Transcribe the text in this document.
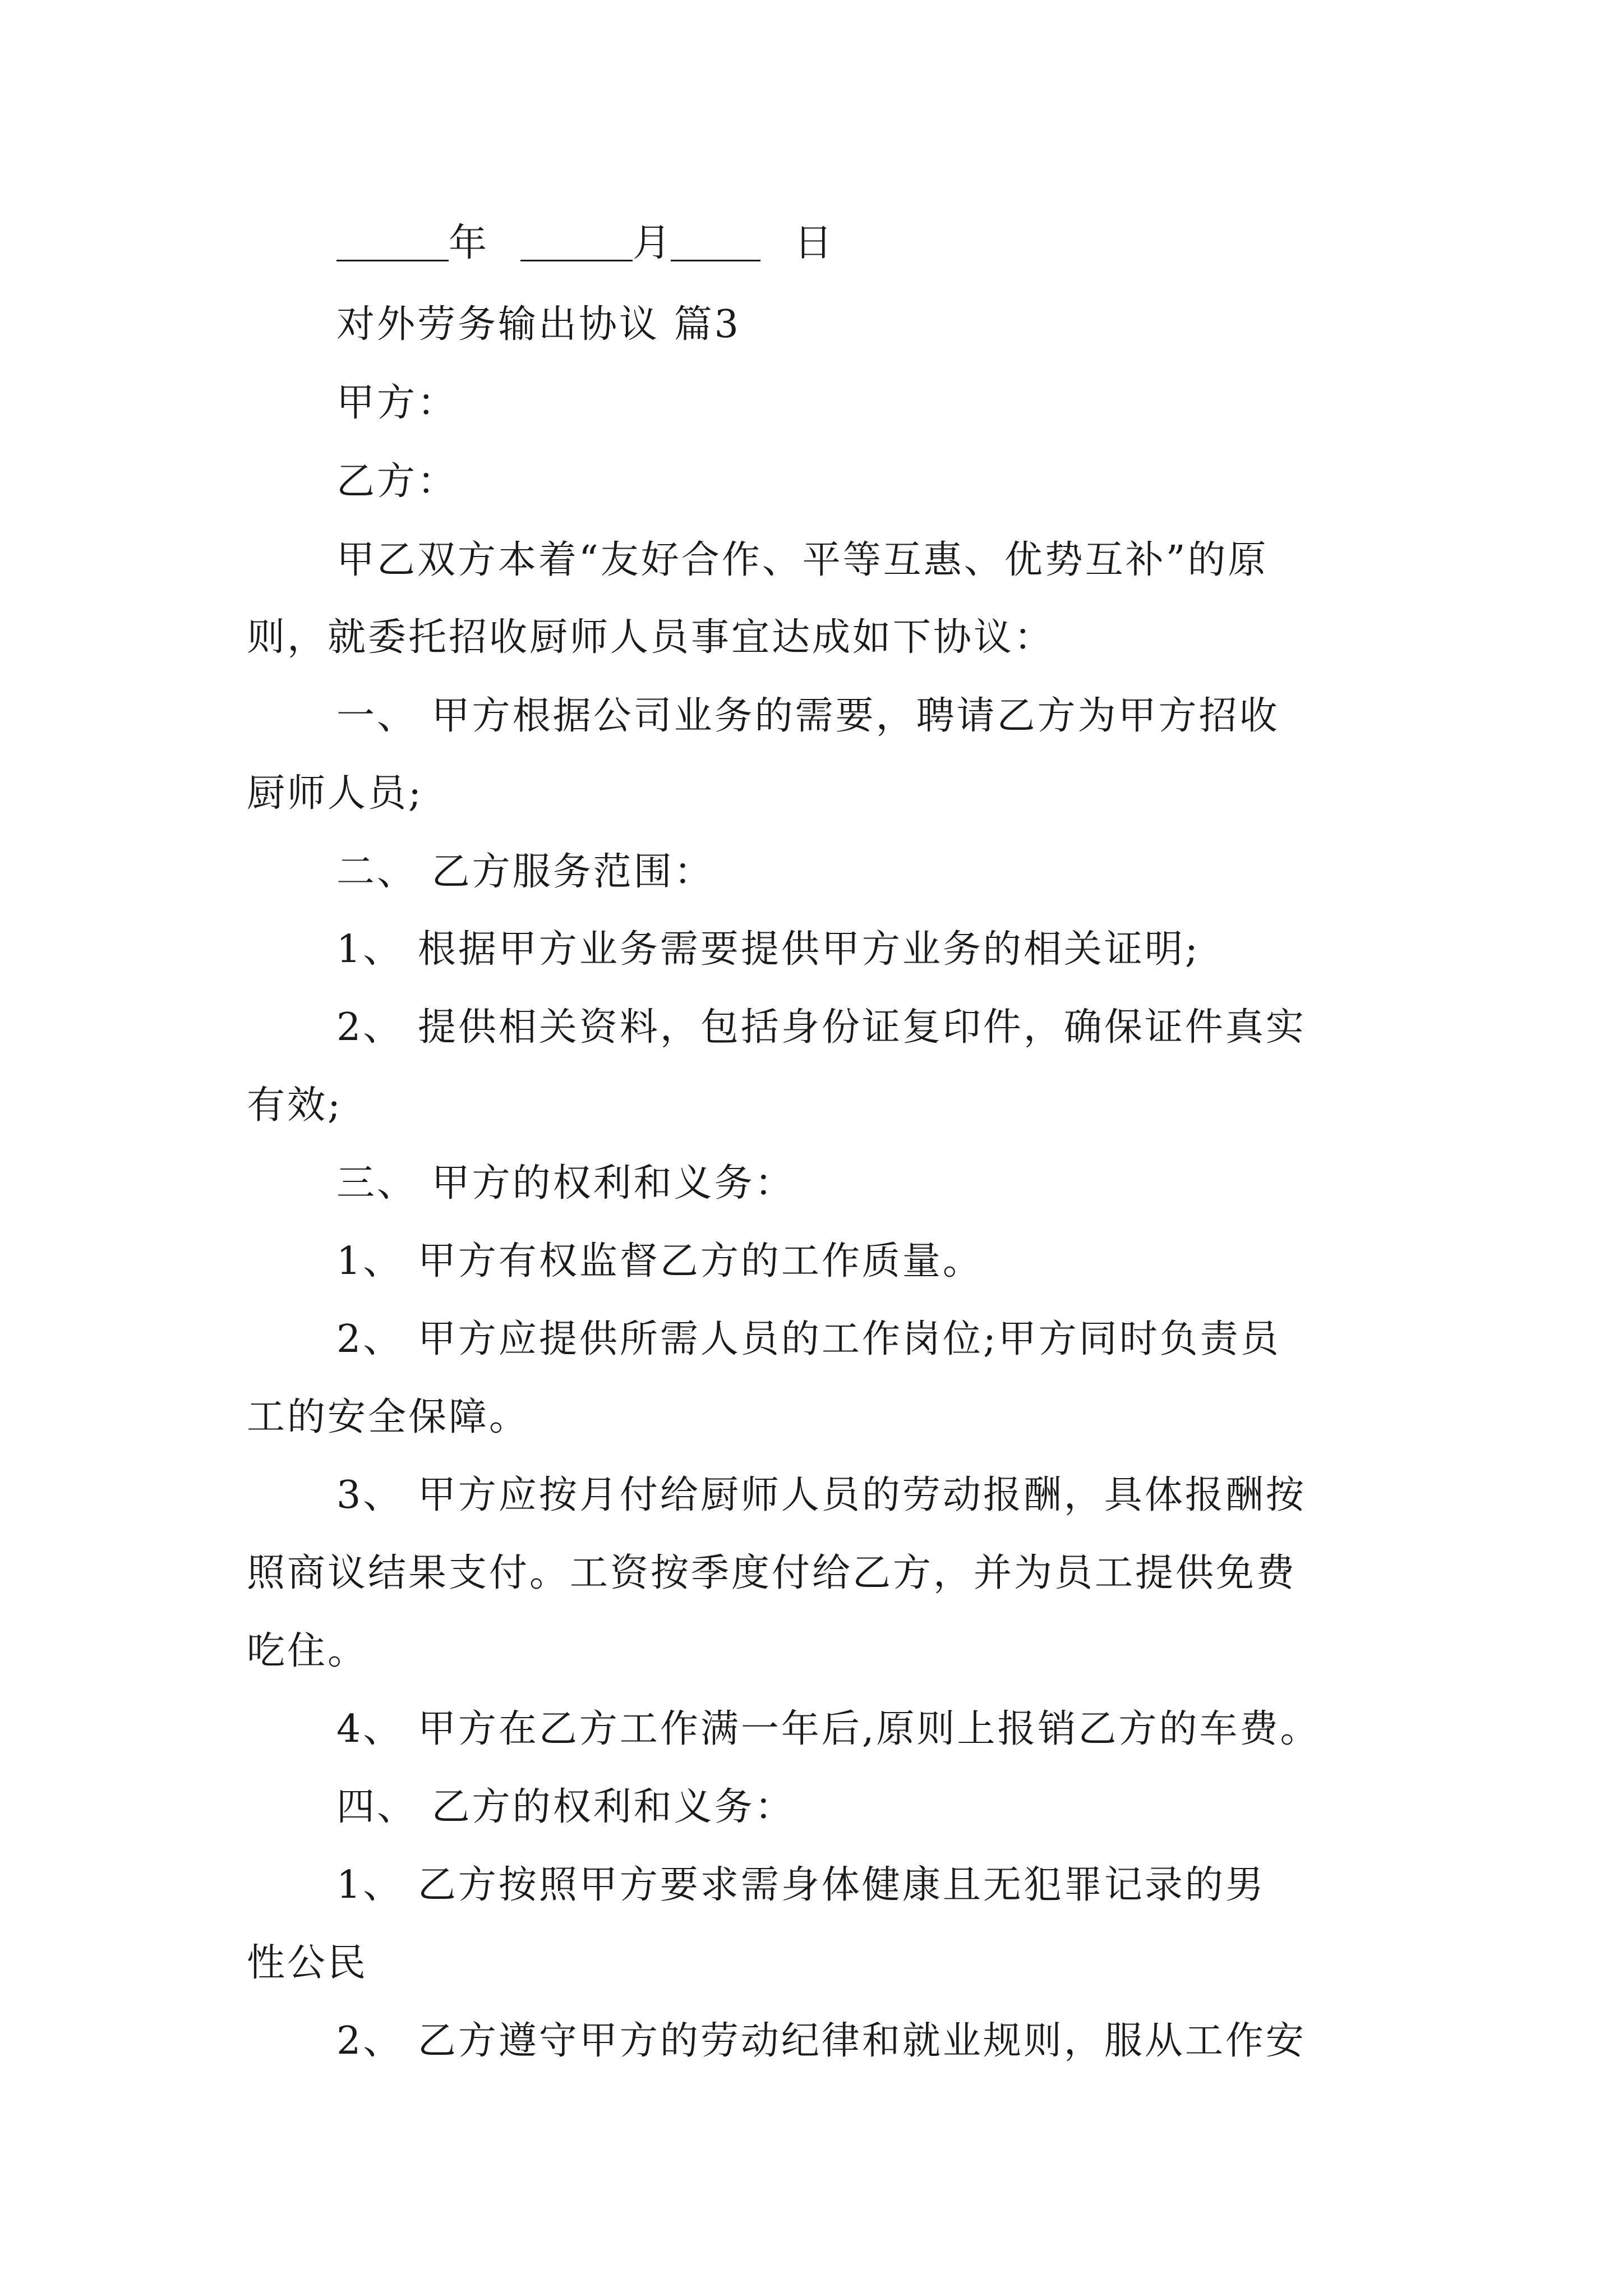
年	月	日
对外劳务输出协议 篇3
甲方：
乙方：
甲乙双方本着“友好合作、平等互惠、优势互补”的原
则，就委托招收厨师人员事宜达成如下协议：
一、 甲方根据公司业务的需要，聘请乙方为甲方招收
厨师人员;
二、 乙方服务范围：
1、 根据甲方业务需要提供甲方业务的相关证明;
2、 提供相关资料，包括身份证复印件，确保证件真实
有效;
三、 甲方的权利和义务：
1、 甲方有权监督乙方的工作质量。
2、 甲方应提供所需人员的工作岗位;甲方同时负责员
工的安全保障。
3、 甲方应按月付给厨师人员的劳动报酬，具体报酬按
照商议结果支付。工资按季度付给乙方，并为员工提供免费
吃住。
4、 甲方在乙方工作满一年后,原则上报销乙方的车费。
四、 乙方的权利和义务：
1、 乙方按照甲方要求需身体健康且无犯罪记录的男
性公民
2、 乙方遵守甲方的劳动纪律和就业规则，服从工作安
